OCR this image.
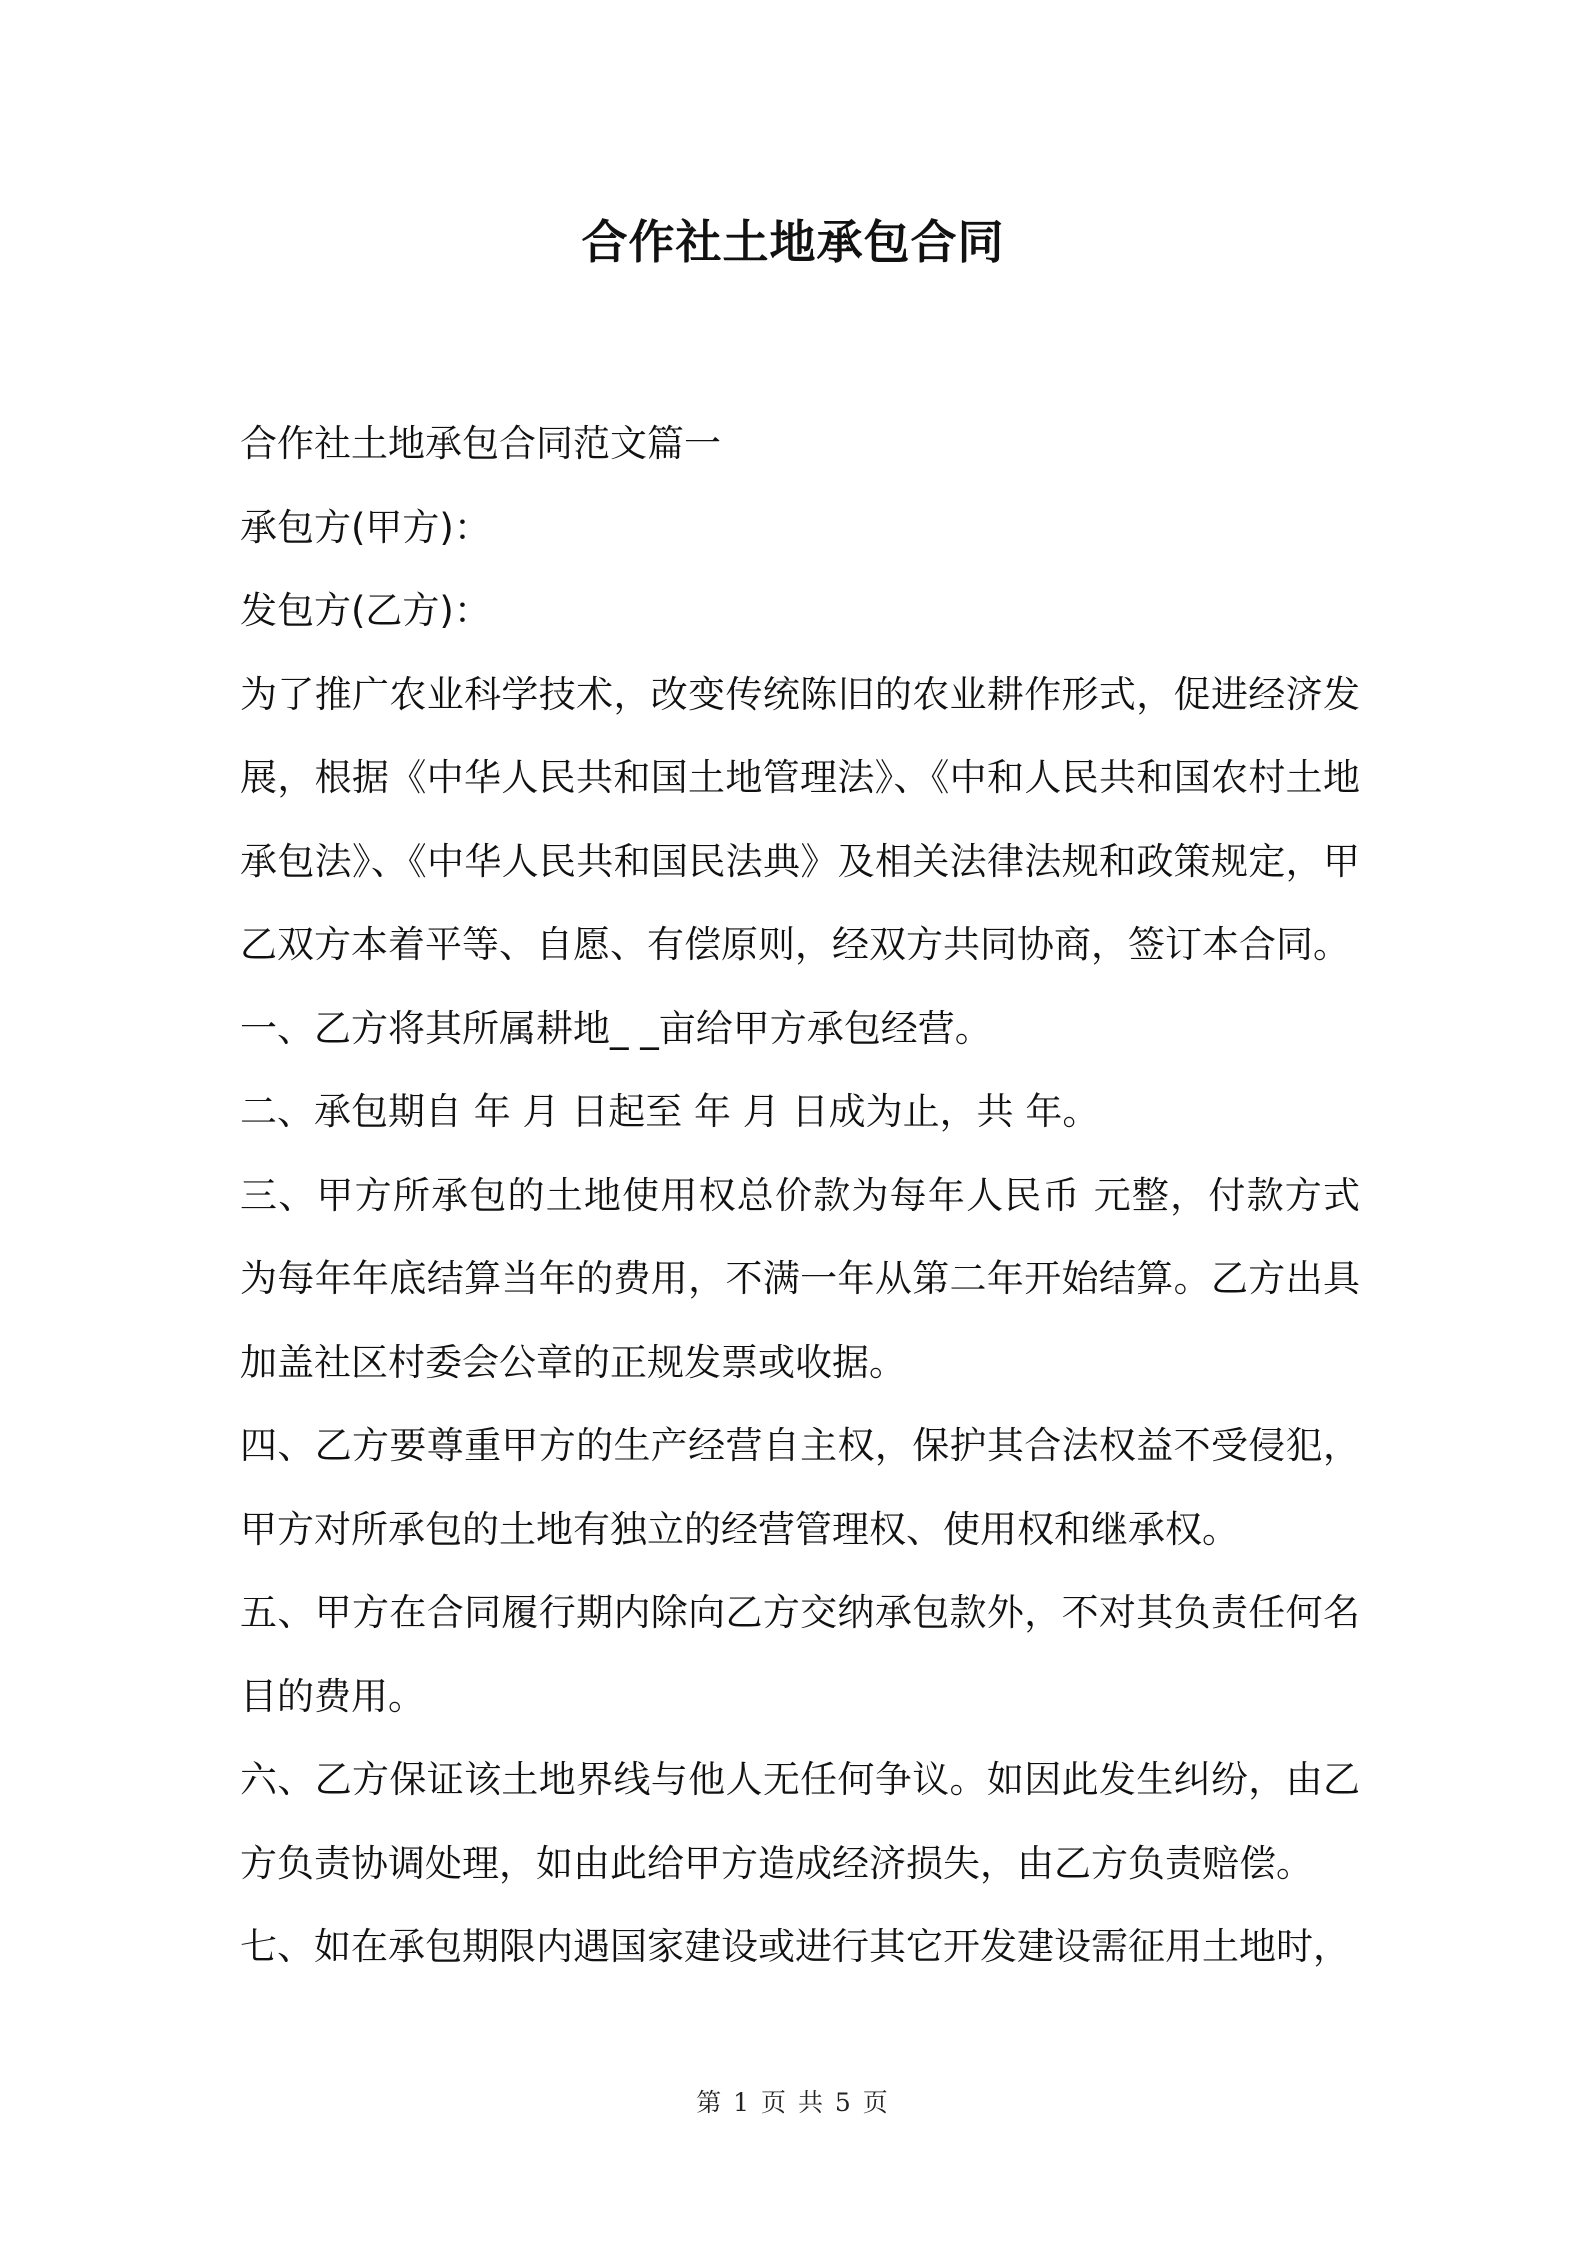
合作社土地承包合同

合作社土地承包合同范文篇一

承包方(甲方)：

发包方(乙方)：

为了推广农业科学技术，改变传统陈旧的农业耕作形式，促进经济发展，根据《中华人民共和国土地管理法》、《中和人民共和国农村土地承包法》、《中华人民共和国民法典》及相关法律法规和政策规定，甲乙双方本着平等、自愿、有偿原则，经双方共同协商，签订本合同。

一、乙方将其所属耕地_ _亩给甲方承包经营。

二、承包期自 年 月 日起至 年 月 日成为止，共 年。

三、甲方所承包的土地使用权总价款为每年人民币 元整，付款方式为每年年底结算当年的费用，不满一年从第二年开始结算。乙方出具加盖社区村委会公章的正规发票或收据。

四、乙方要尊重甲方的生产经营自主权，保护其合法权益不受侵犯，甲方对所承包的土地有独立的经营管理权、使用权和继承权。

五、甲方在合同履行期内除向乙方交纳承包款外，不对其负责任何名目的费用。

六、乙方保证该土地界线与他人无任何争议。如因此发生纠纷，由乙方负责协调处理，如由此给甲方造成经济损失，由乙方负责赔偿。

七、如在承包期限内遇国家建设或进行其它开发建设需征用土地时，

第 1 页 共 5 页
